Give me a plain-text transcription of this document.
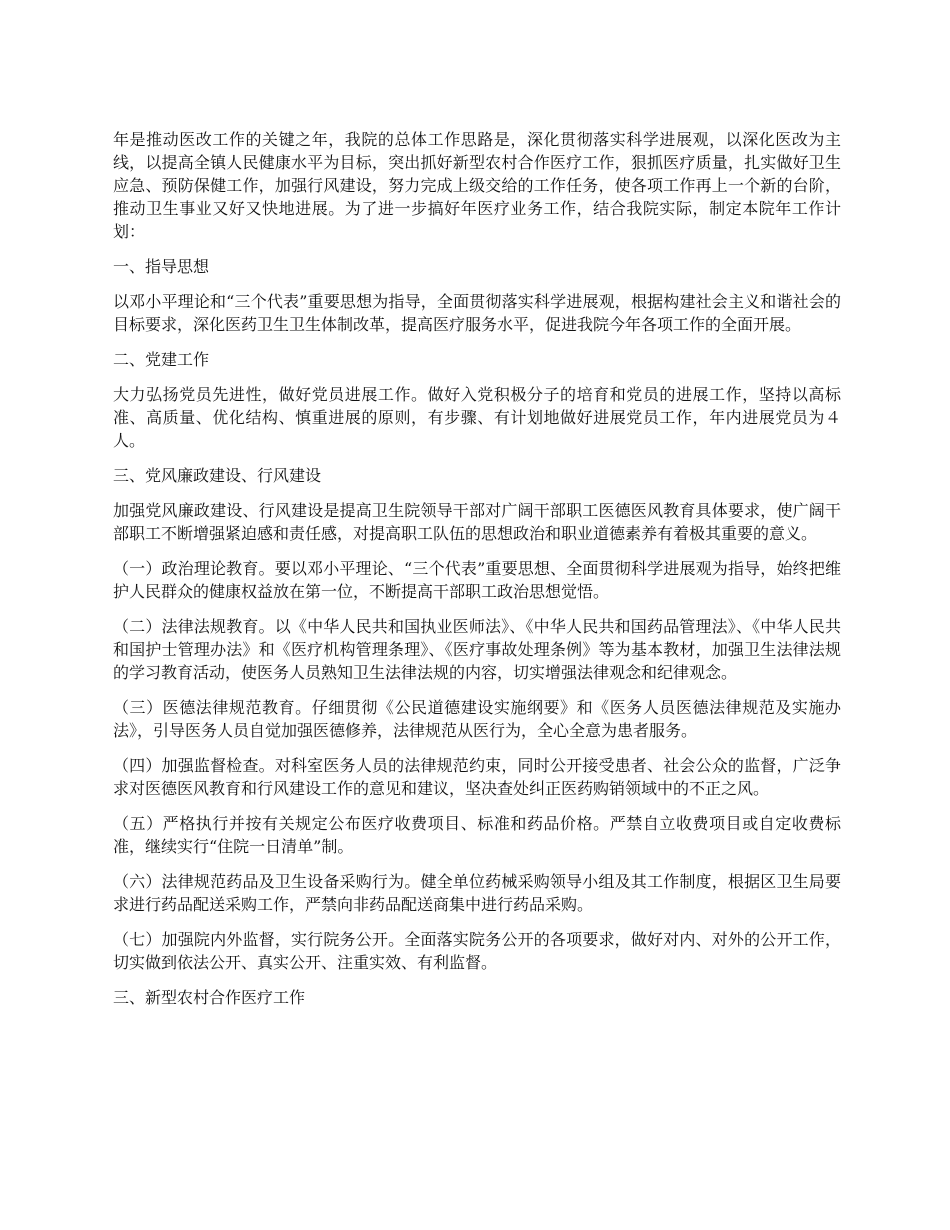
年是推动医改工作的关键之年，我院的总体工作思路是，深化贯彻落实科学进展观，以深化医改为主线，以提高全镇人民健康水平为目标，突出抓好新型农村合作医疗工作，狠抓医疗质量，扎实做好卫生应急、预防保健工作，加强行风建设，努力完成上级交给的工作任务，使各项工作再上一个新的台阶，推动卫生事业又好又快地进展。为了进一步搞好年医疗业务工作，结合我院实际，制定本院年工作计划：

一、指导思想

以邓小平理论和“三个代表”重要思想为指导，全面贯彻落实科学进展观，根据构建社会主义和谐社会的目标要求，深化医药卫生卫生体制改革，提高医疗服务水平，促进我院今年各项工作的全面开展。

二、党建工作

大力弘扬党员先进性，做好党员进展工作。做好入党积极分子的培育和党员的进展工作，坚持以高标准、高质量、优化结构、慎重进展的原则，有步骤、有计划地做好进展党员工作，年内进展党员为４人。

三、党风廉政建设、行风建设

加强党风廉政建设、行风建设是提高卫生院领导干部对广阔干部职工医德医风教育具体要求，使广阔干部职工不断增强紧迫感和责任感，对提高职工队伍的思想政治和职业道德素养有着极其重要的意义。

（一）政治理论教育。要以邓小平理论、“三个代表”重要思想、全面贯彻科学进展观为指导，始终把维护人民群众的健康权益放在第一位，不断提高干部职工政治思想觉悟。

（二）法律法规教育。以《中华人民共和国执业医师法》、《中华人民共和国药品管理法》、《中华人民共和国护士管理办法》和《医疗机构管理条理》、《医疗事故处理条例》等为基本教材，加强卫生法律法规的学习教育活动，使医务人员熟知卫生法律法规的内容，切实增强法律观念和纪律观念。

（三）医德法律规范教育。仔细贯彻《公民道德建设实施纲要》和《医务人员医德法律规范及实施办法》，引导医务人员自觉加强医德修养，法律规范从医行为，全心全意为患者服务。

（四）加强监督检查。对科室医务人员的法律规范约束，同时公开接受患者、社会公众的监督，广泛争求对医德医风教育和行风建设工作的意见和建议，坚决查处纠正医药购销领域中的不正之风。

（五）严格执行并按有关规定公布医疗收费项目、标准和药品价格。严禁自立收费项目或自定收费标准，继续实行“住院一日清单”制。

（六）法律规范药品及卫生设备采购行为。健全单位药械采购领导小组及其工作制度，根据区卫生局要求进行药品配送采购工作，严禁向非药品配送商集中进行药品采购。

（七）加强院内外监督，实行院务公开。全面落实院务公开的各项要求，做好对内、对外的公开工作，切实做到依法公开、真实公开、注重实效、有利监督。

三、新型农村合作医疗工作
